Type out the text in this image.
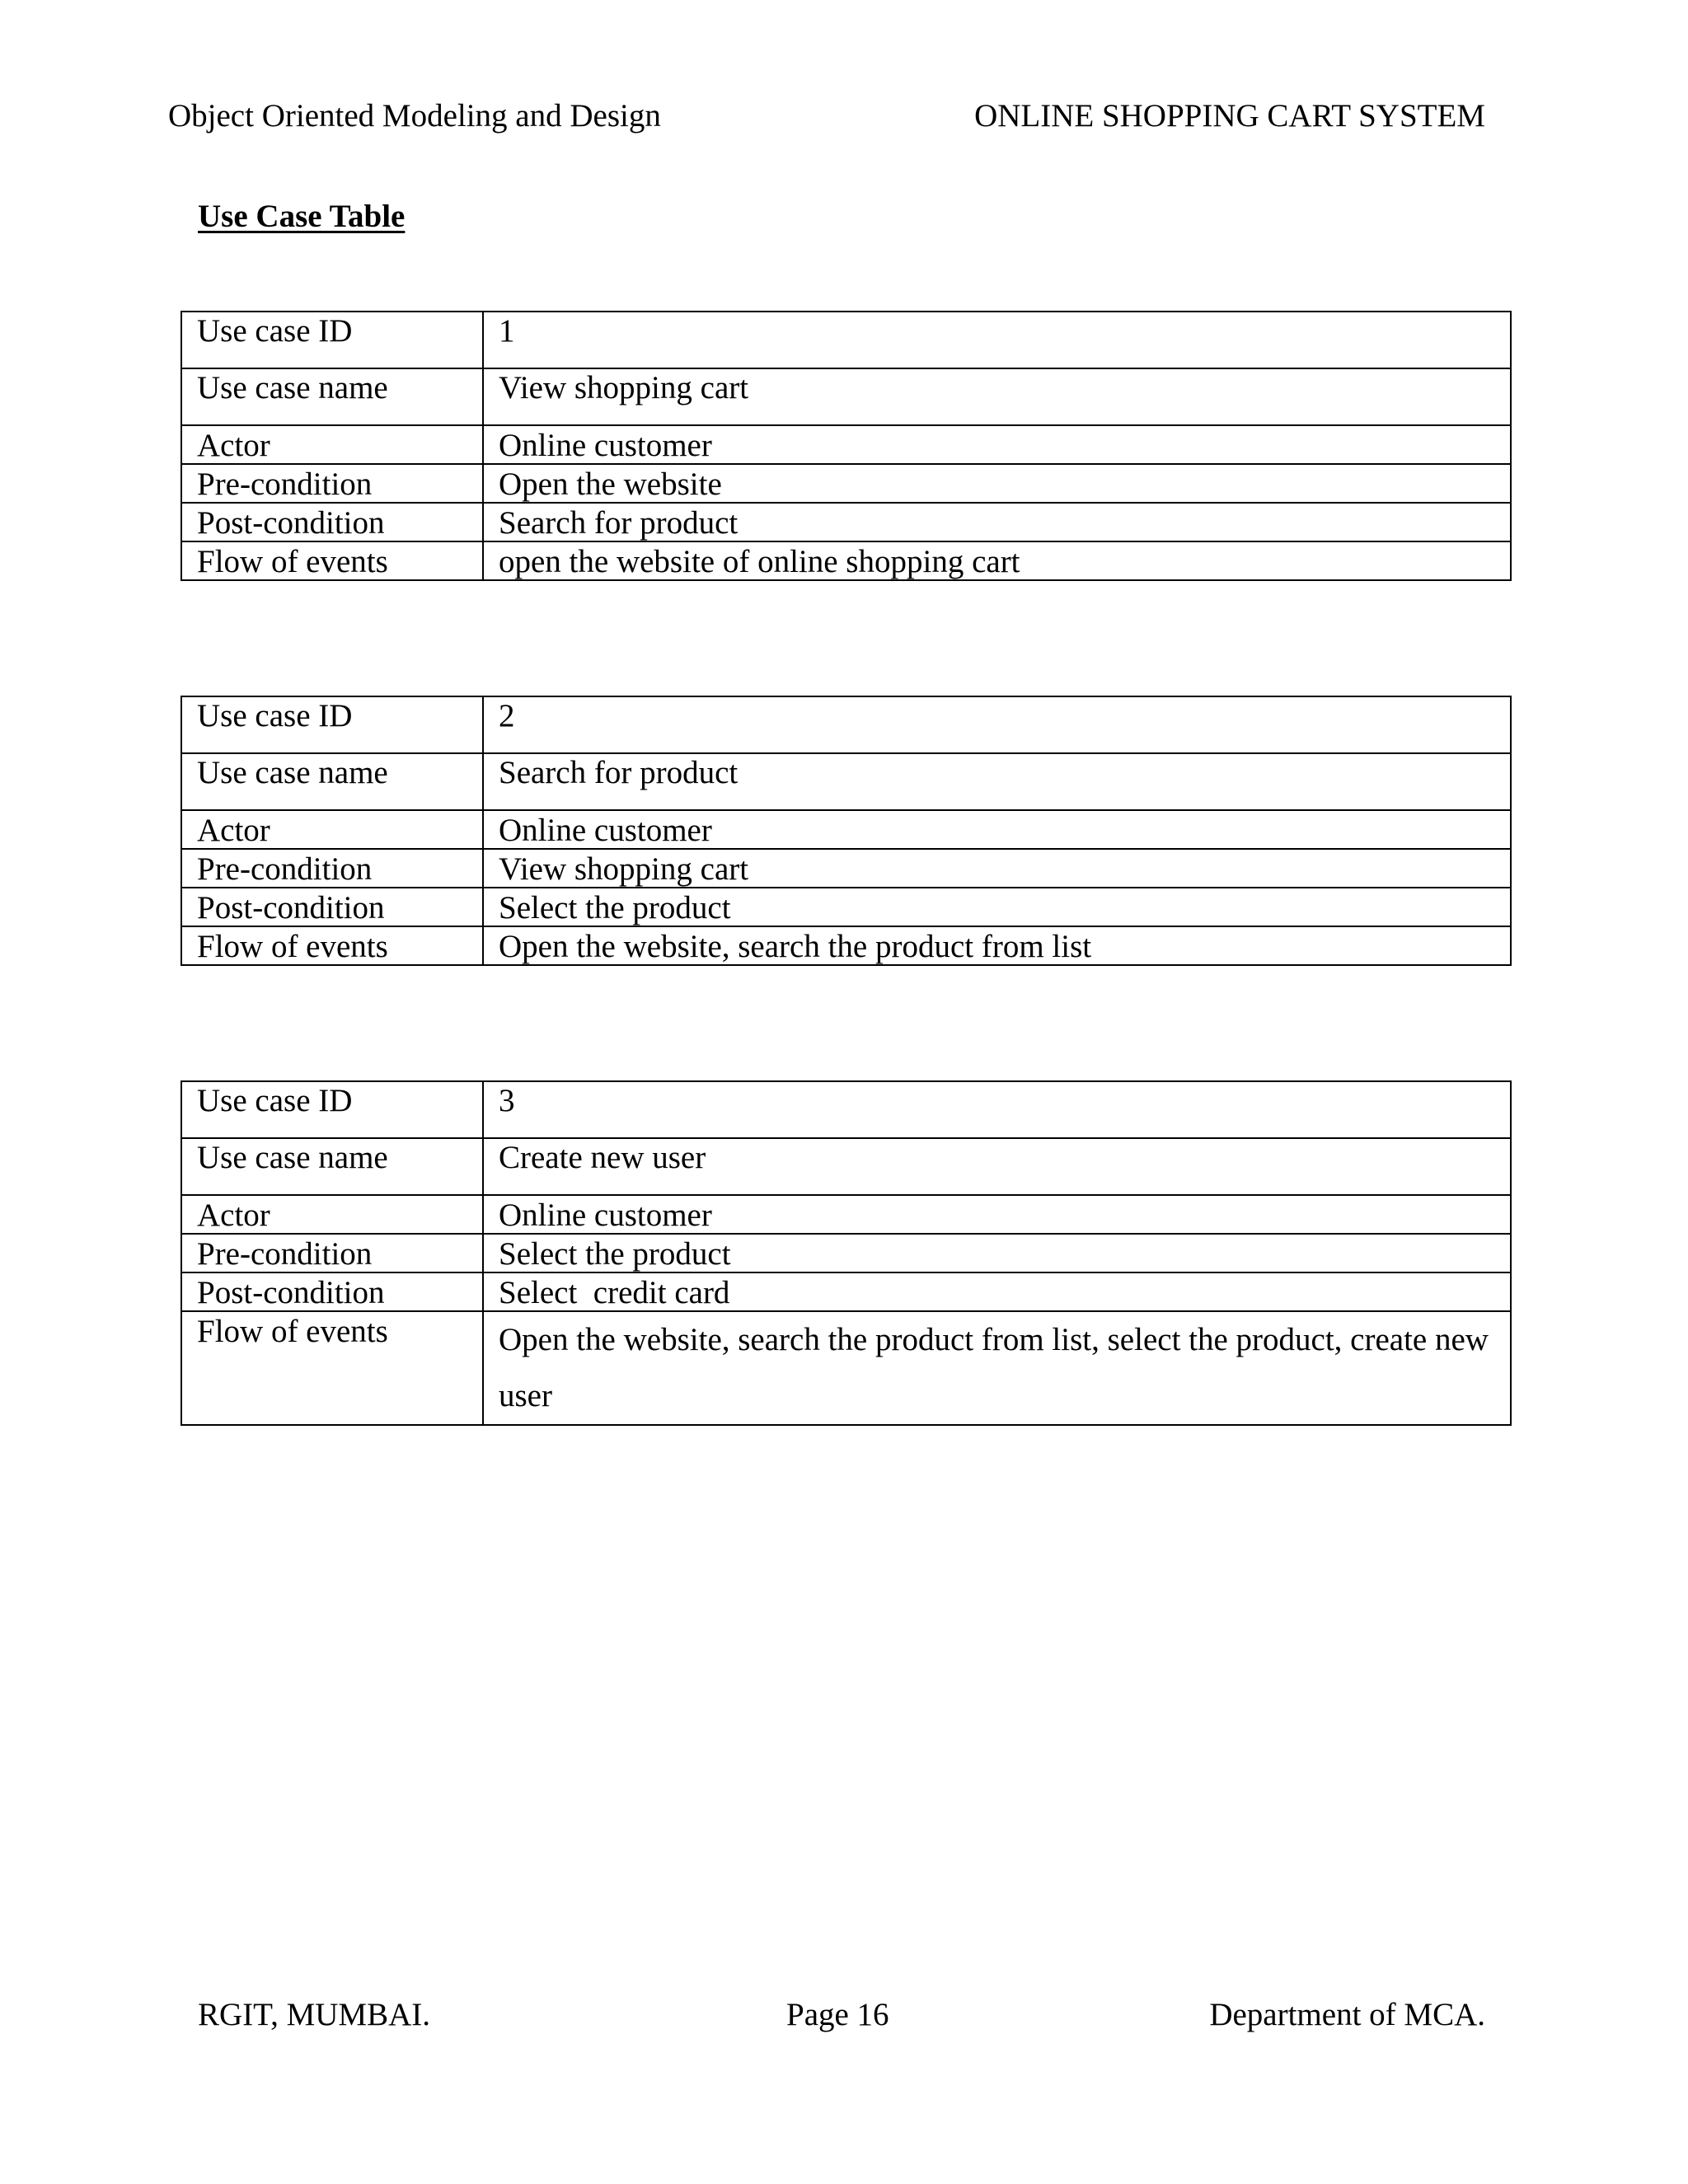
Object Oriented Modeling and Design	ONLINE SHOPPING CART SYSTEM
Use Case Table
Use case ID	1
Use case name	View shopping cart
Actor	Online customer
Pre-condition	Open the website
Post-condition	Search for product
Flow of events	open the website of online shopping cart
Use case ID	2
Use case name	Search for product
Actor	Online customer
Pre-condition	View shopping cart
Post-condition	Select the product
Flow of events	Open the website, search the product from list
Use case ID	3
Use case name	Create new user
Actor	Online customer
Pre-condition	Select the product
Post-condition	Select  credit card
Flow of events	Open the website, search the product from list, select the product, create new user
RGIT, MUMBAI.	Page 16	Department of MCA.
